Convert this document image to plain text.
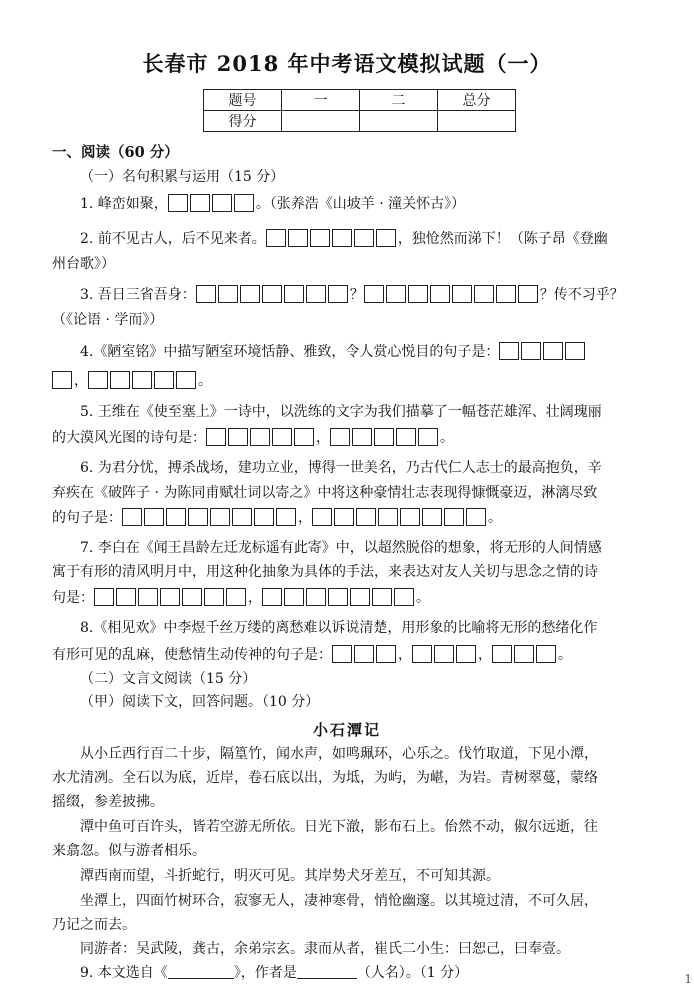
长春市 2018 年中考语文模拟试题（一）
题号	一	二	总分
得分			
一、阅读（60 分）
（一）名句积累与运用（15 分）
1. 峰峦如聚，	。（张养浩《山坡羊 · 潼关怀古》）
2. 前不见古人，后不见来者。	，独怆然而涕下！（陈子昂《登幽
州台歌》）
3. 吾日三省吾身：	？	？传不习乎？
（《论语 · 学而》）
4.《陋室铭》中描写陋室环境恬静、雅致，令人赏心悦目的句子是：
，	。
5. 王维在《使至塞上》一诗中，以洗练的文字为我们描摹了一幅苍茫雄浑、壮阔瑰丽
的大漠风光图的诗句是：	，	。
6. 为君分忧，搏杀战场，建功立业，博得一世美名，乃古代仁人志士的最高抱负，辛
弃疾在《破阵子 · 为陈同甫赋壮词以寄之》中将这种豪情壮志表现得慷慨豪迈，淋漓尽致
的句子是：	，	。
7. 李白在《闻王昌龄左迁龙标遥有此寄》中，以超然脱俗的想象，将无形的人间情感
寓于有形的清风明月中，用这种化抽象为具体的手法，来表达对友人关切与思念之情的诗
句是：	，	。
8.《相见欢》中李煜千丝万缕的离愁难以诉说清楚，用形象的比喻将无形的愁绪化作
有形可见的乱麻，使愁情生动传神的句子是：	，	，	。
（二）文言文阅读（15 分）
（甲）阅读下文，回答问题。（10 分）
小石潭记
从小丘西行百二十步，隔篁竹，闻水声，如鸣珮环，心乐之。伐竹取道，下见小潭，
水尤清冽。全石以为底，近岸，卷石底以出，为坻，为屿，为嵁，为岩。青树翠蔓，蒙络
摇缀，参差披拂。
潭中鱼可百许头，皆若空游无所依。日光下澈，影布石上。佁然不动，俶尔远逝，往
来翕忽。似与游者相乐。
潭西南而望，斗折蛇行，明灭可见。其岸势犬牙差互，不可知其源。
坐潭上，四面竹树环合，寂寥无人，凄神寒骨，悄怆幽邃。以其境过清，不可久居，
乃记之而去。
同游者：吴武陵，龚古，余弟宗玄。隶而从者，崔氏二小生：曰恕己，曰奉壹。
9. 本文选自《	》，作者是	（人名）。（1 分）	1
